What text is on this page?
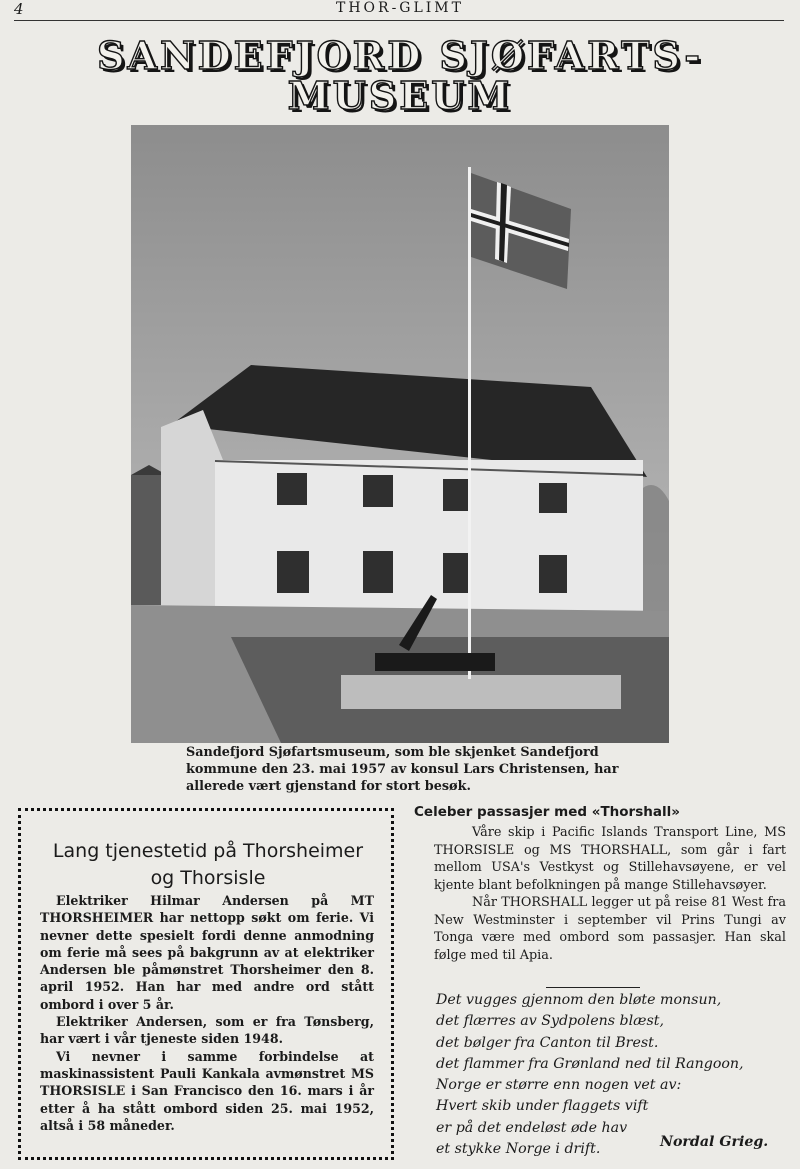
4	THOR-GLIMT
SANDEFJORD SJØFARTS-
MUSEUM
Sandefjord Sjøfartsmuseum, som ble skjenket Sandefjord kommune den 23. mai 1957 av konsul Lars Christensen, har allerede vært gjenstand for stort besøk.
Lang tjenestetid på Thorsheimer
og Thorsisle

Elektriker Hilmar Andersen på MT THORSHEIMER har nettopp søkt om ferie. Vi nevner dette spesielt fordi denne anmodning om ferie må sees på bakgrunn av at elektriker Andersen ble påmønstret Thorsheimer den 8. april 1952. Han har med andre ord stått ombord i over 5 år.

Elektriker Andersen, som er fra Tønsberg, har vært i vår tjeneste siden 1948.

Vi nevner i samme forbindelse at maskinassistent Pauli Kankala avmønstret MS THORSISLE i San Francisco den 16. mars i år etter å ha stått ombord siden 25. mai 1952, altså i 58 måneder.

Celeber passasjer med «Thorshall»

Våre skip i Pacific Islands Transport Line, MS THORSISLE og MS THORSHALL, som går i fart mellom USA's Vestkyst og Stillehavsøyene, er vel kjente blant befolkningen på mange Stillehavsøyer.

Når THORSHALL legger ut på reise 81 West fra New Westminster i september vil Prins Tungi av Tonga være med ombord som passasjer. Han skal følge med til Apia.

Det vugges gjennom den bløte monsun,
det flærres av Sydpolens blæst,
det bølger fra Canton til Brest.
det flammer fra Grønland ned til Rangoon,
Norge er større enn nogen vet av:
Hvert skib under flaggets vift
er på det endeløst øde hav
et stykke Norge i drift.	Nordal Grieg.
